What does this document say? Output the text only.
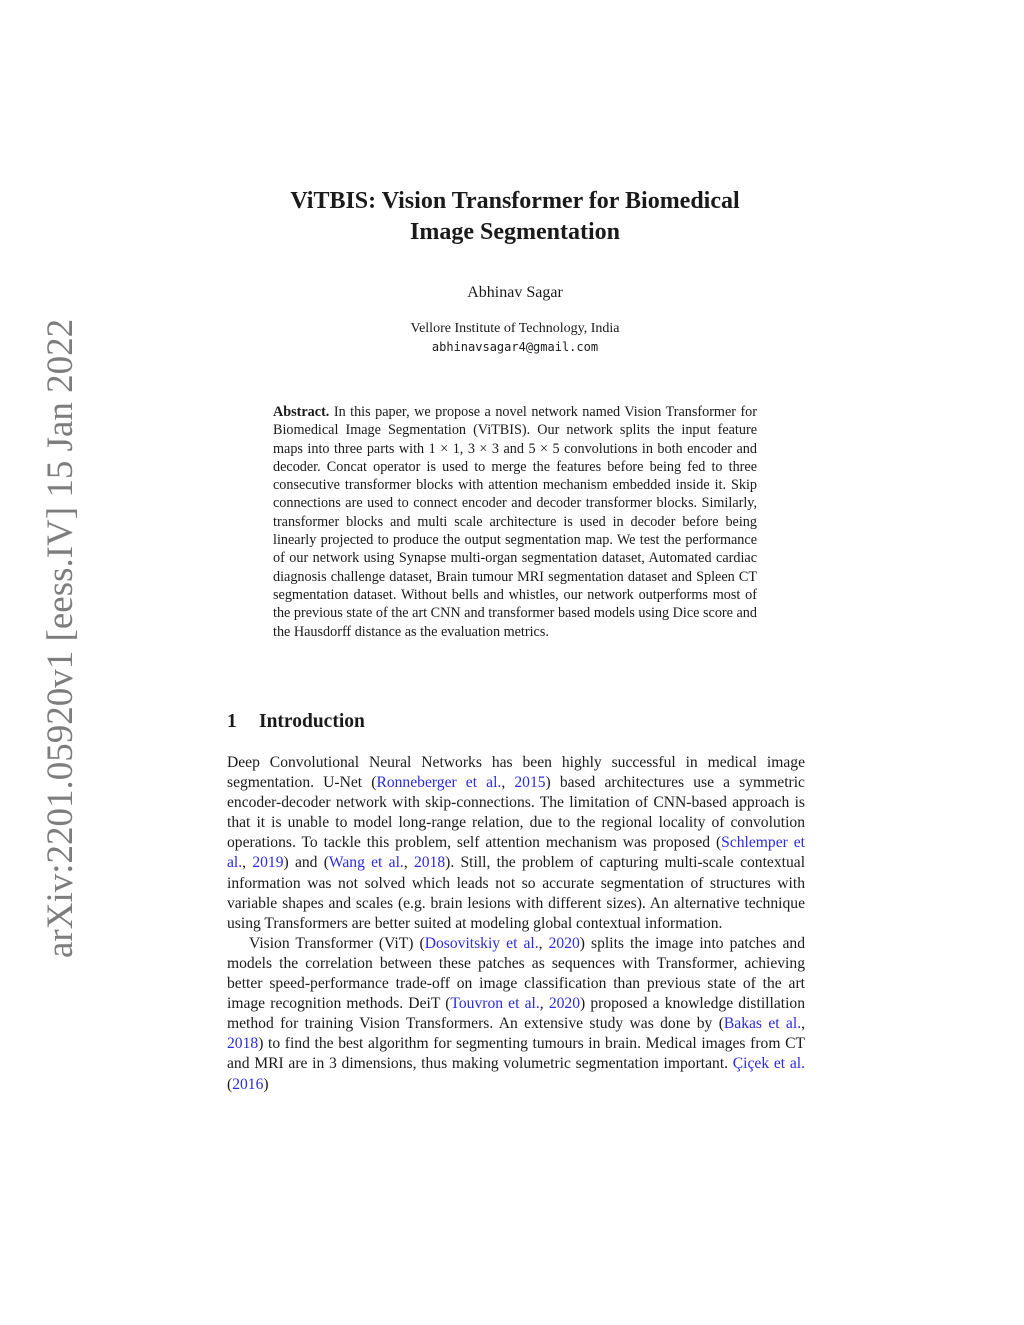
arXiv:2201.05920v1 [eess.IV] 15 Jan 2022
ViTBIS: Vision Transformer for Biomedical
Image Segmentation
Abhinav Sagar
Vellore Institute of Technology, India
abhinavsagar4@gmail.com
Abstract. In this paper, we propose a novel network named Vision Transformer for Biomedical Image Segmentation (ViTBIS). Our network splits the input feature maps into three parts with 1 × 1, 3 × 3 and 5 × 5 convolutions in both encoder and decoder. Concat operator is used to merge the features before being fed to three consecutive transformer blocks with attention mechanism embedded inside it. Skip connections are used to connect encoder and decoder transformer blocks. Similarly, transformer blocks and multi scale architecture is used in decoder before being linearly projected to produce the output segmentation map. We test the performance of our network using Synapse multi-organ segmentation dataset, Automated cardiac diagnosis challenge dataset, Brain tumour MRI segmentation dataset and Spleen CT segmentation dataset. Without bells and whistles, our network outperforms most of the previous state of the art CNN and transformer based models using Dice score and the Hausdorff distance as the evaluation metrics.
1 Introduction

Deep Convolutional Neural Networks has been highly successful in medical image segmentation. U-Net (Ronneberger et al., 2015) based architectures use a symmetric encoder-decoder network with skip-connections. The limitation of CNN-based approach is that it is unable to model long-range relation, due to the regional locality of convolution operations. To tackle this problem, self attention mechanism was proposed (Schlemper et al., 2019) and (Wang et al., 2018). Still, the problem of capturing multi-scale contextual information was not solved which leads not so accurate segmentation of structures with variable shapes and scales (e.g. brain lesions with different sizes). An alternative technique using Transformers are better suited at modeling global contextual information.

Vision Transformer (ViT) (Dosovitskiy et al., 2020) splits the image into patches and models the correlation between these patches as sequences with Transformer, achieving better speed-performance trade-off on image classification than previous state of the art image recognition methods. DeiT (Touvron et al., 2020) proposed a knowledge distillation method for training Vision Transformers. An extensive study was done by (Bakas et al., 2018) to find the best algorithm for segmenting tumours in brain. Medical images from CT and MRI are in 3 dimensions, thus making volumetric segmentation important. Çiçek et al. (2016)
